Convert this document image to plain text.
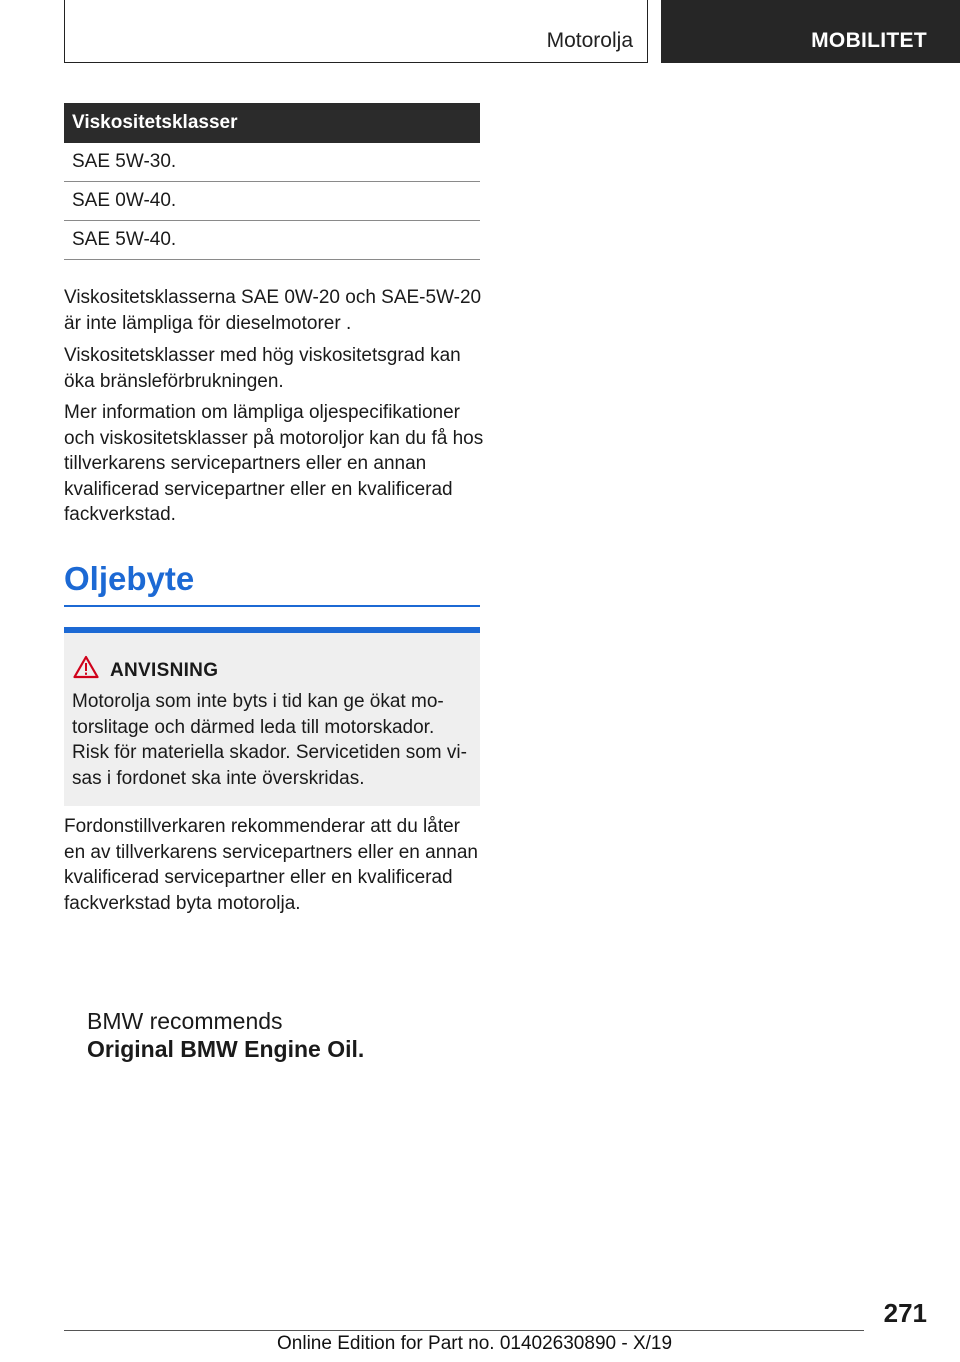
Motorolja	MOBILITET
Viskositetsklasser
SAE 5W-30.
SAE 0W-40.
SAE 5W-40.

Viskositetsklasserna SAE 0W-20 och SAE-5W-20 är inte lämpliga för dieselmotorer .

Viskositetsklasser med hög viskositetsgrad kan öka bränsleförbrukningen.

Mer information om lämpliga oljespecifikationer och viskositetsklasser på motoroljor kan du få hos tillverkarens servicepartners eller en annan kvalificerad servicepartner eller en kvalificerad fackverkstad.

Oljebyte
ANVISNING

Motorolja som inte byts i tid kan ge ökat motorslitage och därmed leda till motorskador. Risk för materiella skador. Servicetiden som visas i fordonet ska inte överskridas.

Fordonstillverkaren rekommenderar att du låter en av tillverkarens servicepartners eller en annan kvalificerad servicepartner eller en kvalificerad fackverkstad byta motorolja.

BMW recommends
Original BMW Engine Oil.
271
Online Edition for Part no. 01402630890 - X/19
